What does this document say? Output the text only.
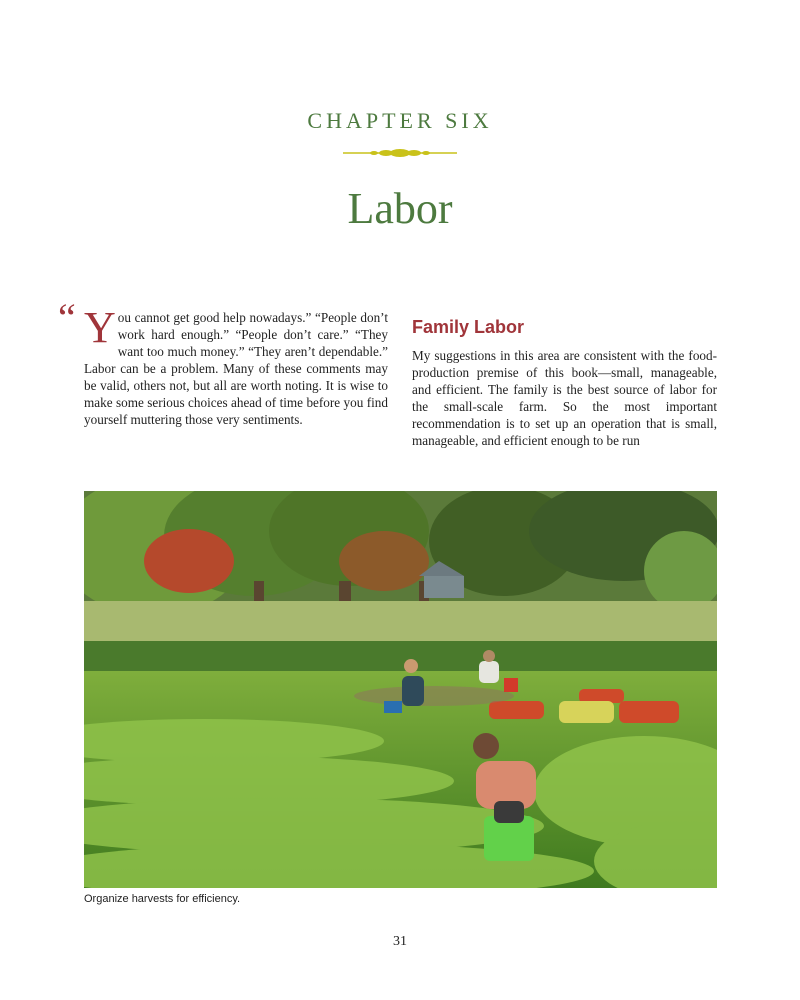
CHAPTER SIX
Labor
“ Y ou cannot get good help nowadays.” “People don’t work hard enough.” “People don’t care.” “They want too much money.” “They aren’t dependable.” Labor can be a problem. Many of these comments may be valid, others not, but all are worth noting. It is wise to make some serious choices ahead of time before you find yourself muttering those very sentiments.

Family Labor

My suggestions in this area are consistent with the food-production premise of this book—small, manageable, and efficient. The family is the best source of labor for the small-scale farm. So the most important recommendation is to set up an operation that is small, manageable, and efficient enough to be run

Organize harvests for efficiency.
31
